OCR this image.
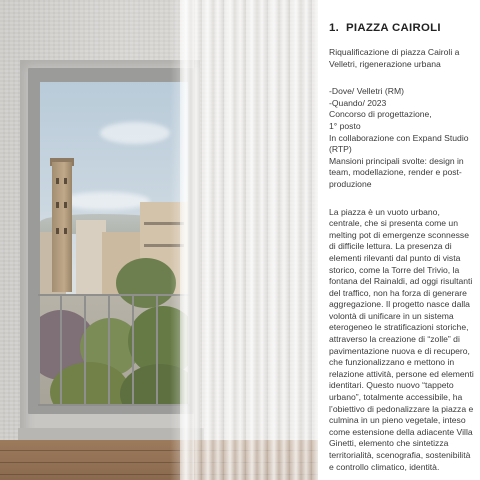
1. PIAZZA CAIROLI

Riqualificazione di piazza Cairoli a Velletri, rigenerazione urbana

-Dove/ Velletri (RM)
-Quando/ 2023
Concorso di progettazione,
1° posto
In collaborazione con Expand Studio (RTP)
Mansioni principali svolte: design in team, modellazione, render e post-produzione

La piazza è un vuoto urbano, centrale, che si presenta come un melting pot di emergenze sconnesse di difficile lettura. La presenza di elementi rilevanti dal punto di vista storico, come la Torre del Trivio, la fontana del Rainaldi, ad oggi risultanti del traffico, non ha forza di generare aggregazione. Il progetto nasce dalla volontà di unificare in un sistema eterogeneo le stratificazioni storiche, attraverso la creazione di “zolle” di pavimentazione nuova e di recupero, che funzionalizzano e mettono in relazione attività, persone ed elementi identitari. Questo nuovo “tappeto urbano”, totalmente accessibile, ha l’obiettivo di pedonalizzare la piazza e culmina in un pieno vegetale, inteso come estensione della adiacente Villa Ginetti, elemento che sintetizza territorialità, scenografia, sostenibilità e controllo climatico, identità.
